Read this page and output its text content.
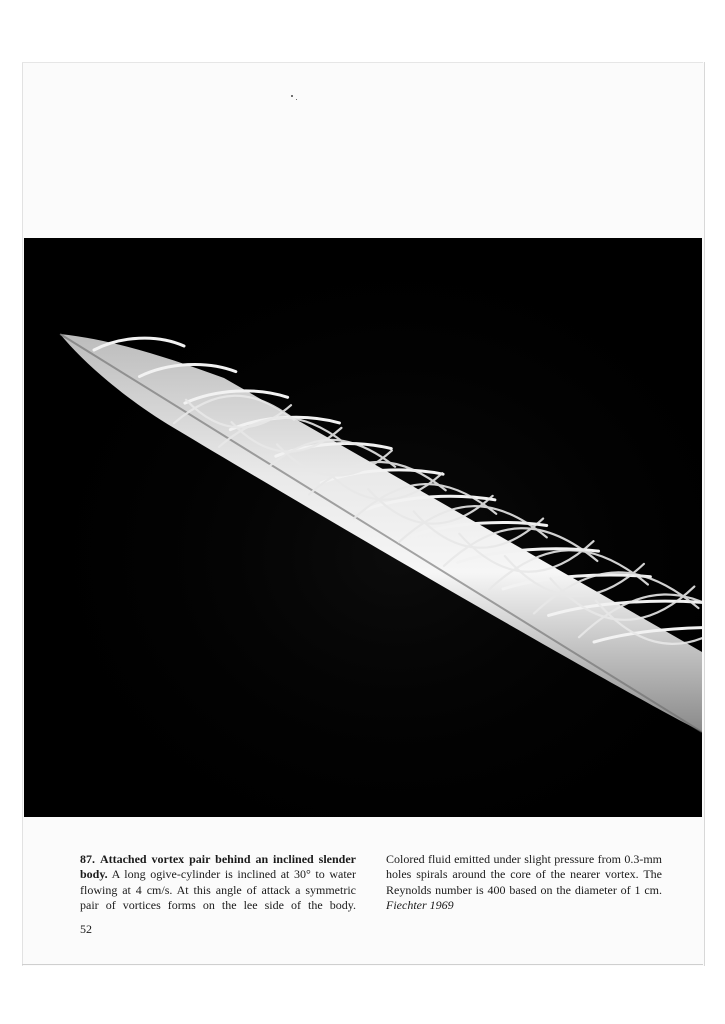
87. Attached vortex pair behind an inclined slender body. A long ogive-cylinder is inclined at 30° to water flowing at 4 cm/s. At this angle of attack a symmetric pair of vortices forms on the lee side of the body. Colored fluid emitted under slight pressure from 0.3-mm holes spirals around the core of the nearer vortex. The Reynolds number is 400 based on the diameter of 1 cm. Fiechter 1969
52
